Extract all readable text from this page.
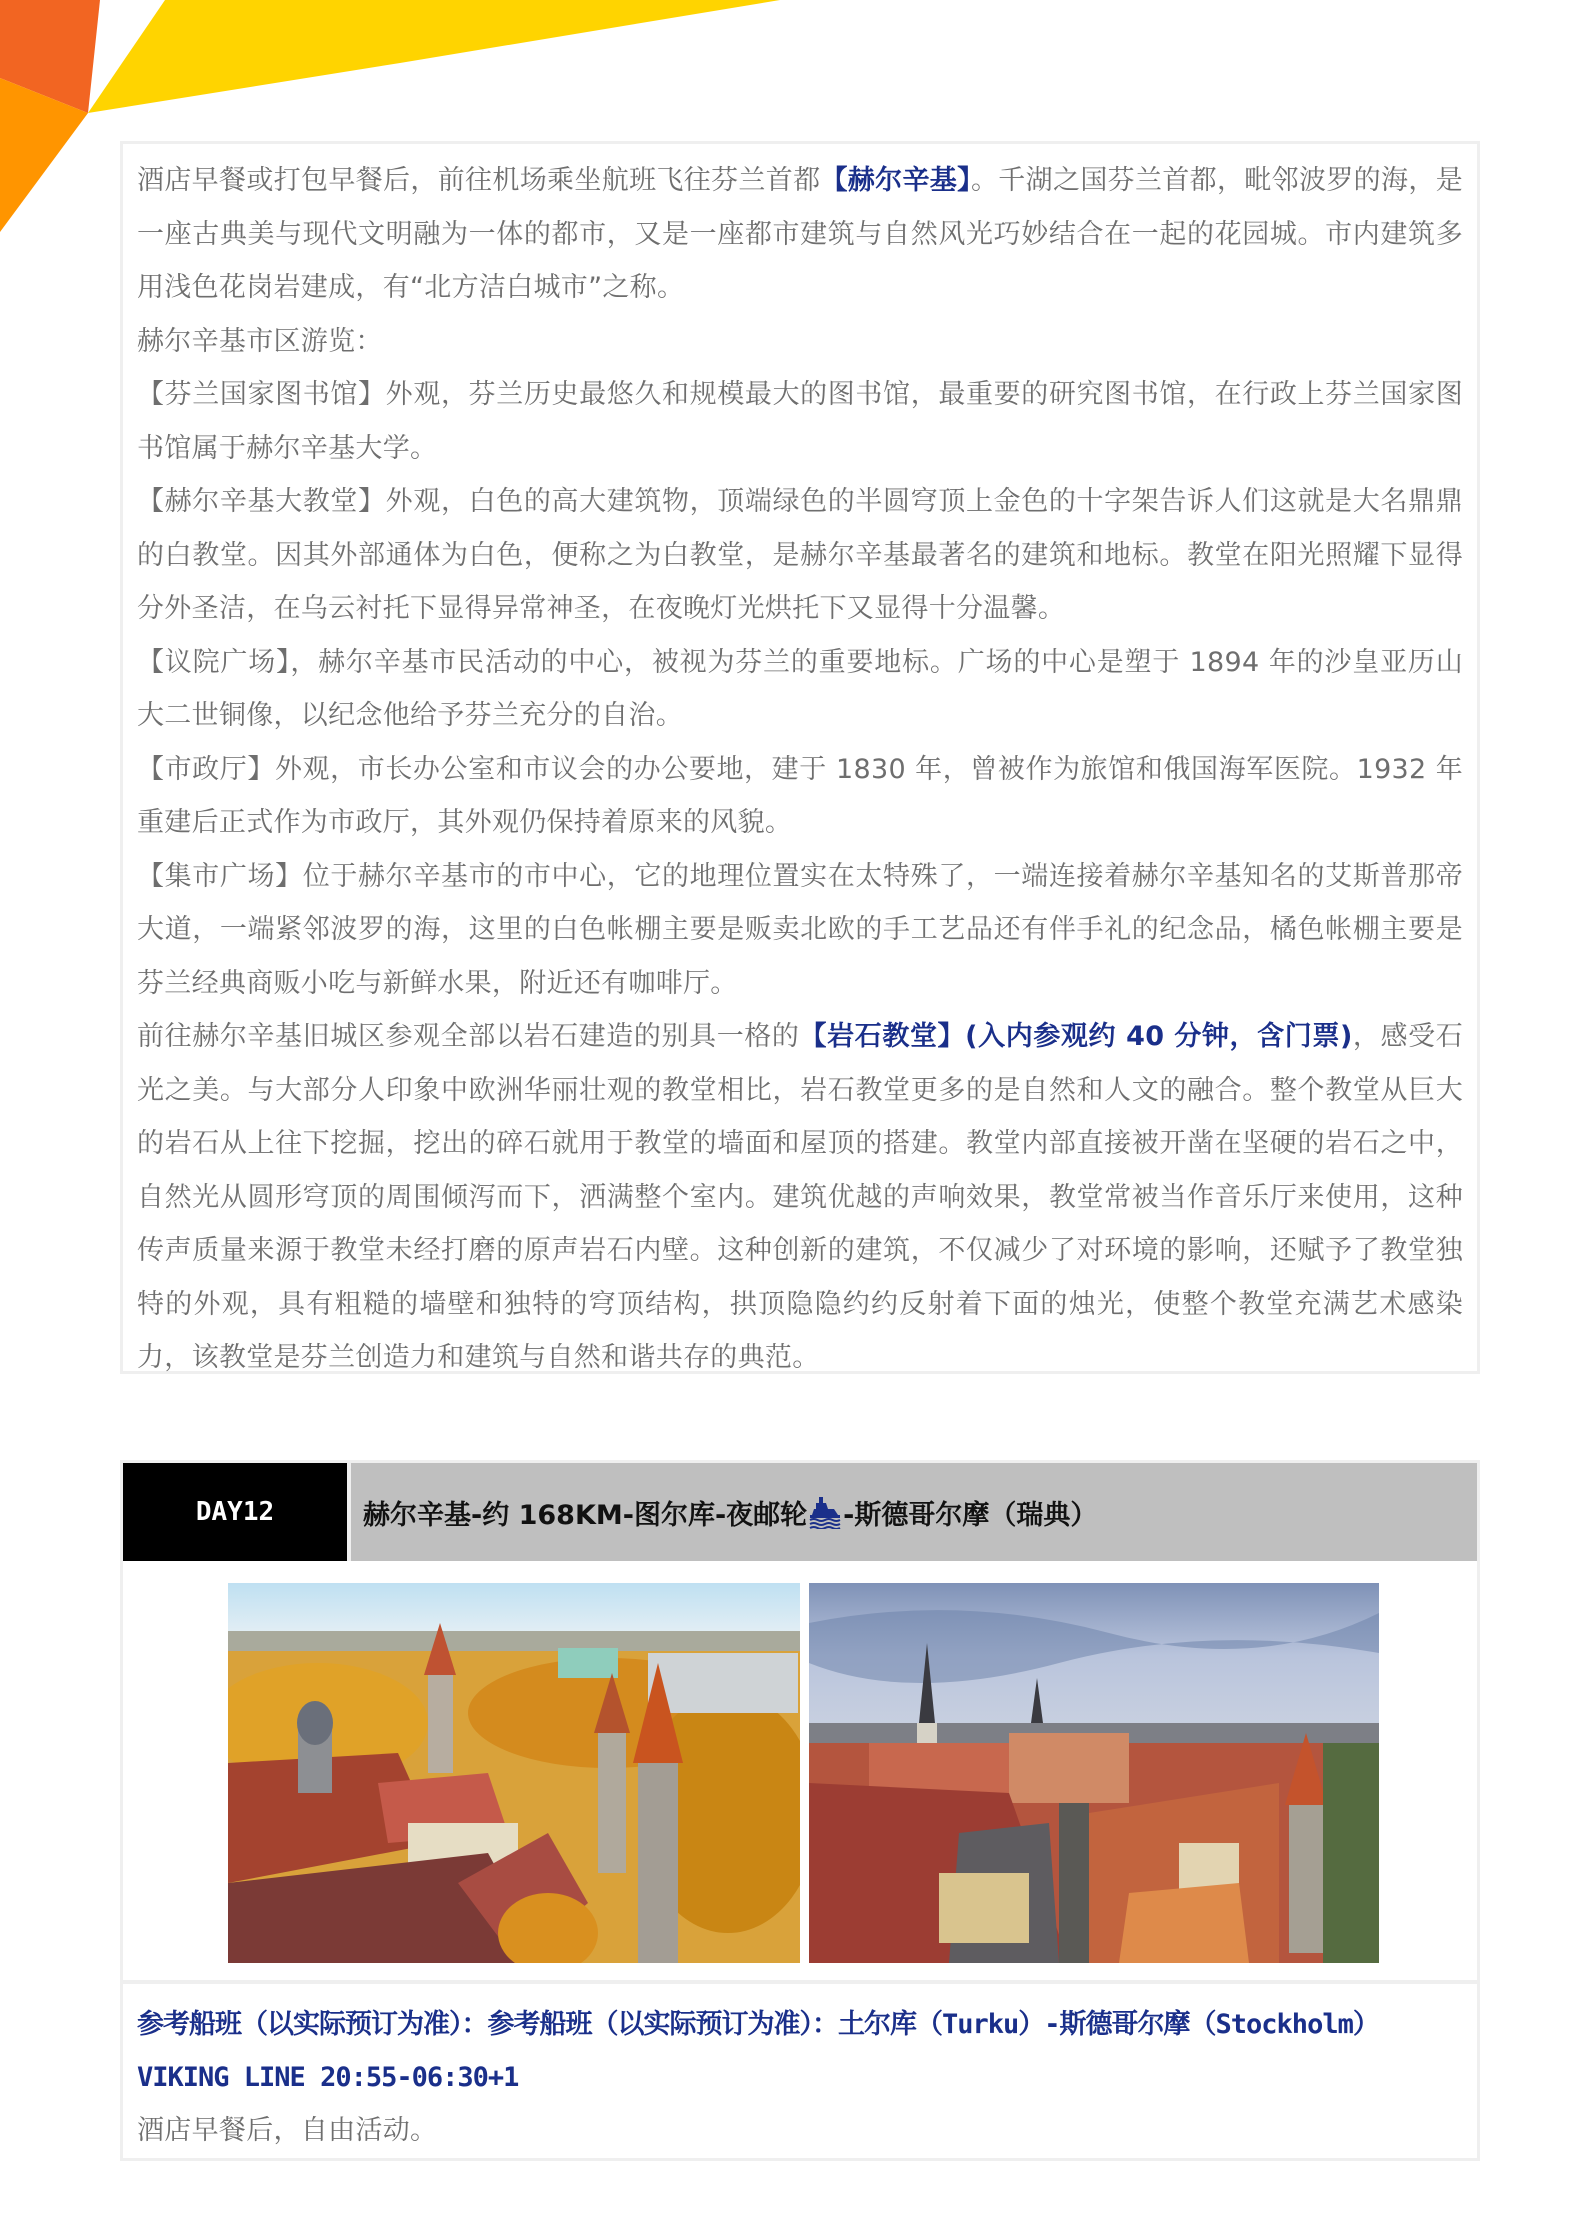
酒店早餐或打包早餐后，前往机场乘坐航班飞往芬兰首都【赫尔辛基】。千湖之国芬兰首都，毗邻波罗的海，是一座古典美与现代文明融为一体的都市，又是一座都市建筑与自然风光巧妙结合在一起的花园城。市内建筑多用浅色花岗岩建成，有“北方洁白城市”之称。

赫尔辛基市区游览：

【芬兰国家图书馆】外观，芬兰历史最悠久和规模最大的图书馆，最重要的研究图书馆，在行政上芬兰国家图书馆属于赫尔辛基大学。

【赫尔辛基大教堂】外观，白色的高大建筑物，顶端绿色的半圆穹顶上金色的十字架告诉人们这就是大名鼎鼎的白教堂。因其外部通体为白色，便称之为白教堂，是赫尔辛基最著名的建筑和地标。教堂在阳光照耀下显得分外圣洁，在乌云衬托下显得异常神圣，在夜晚灯光烘托下又显得十分温馨。

【议院广场】，赫尔辛基市民活动的中心，被视为芬兰的重要地标。广场的中心是塑于 1894 年的沙皇亚历山大二世铜像，以纪念他给予芬兰充分的自治。

【市政厅】外观，市长办公室和市议会的办公要地，建于 1830 年，曾被作为旅馆和俄国海军医院。1932 年重建后正式作为市政厅，其外观仍保持着原来的风貌。

【集市广场】位于赫尔辛基市的市中心，它的地理位置实在太特殊了，一端连接着赫尔辛基知名的艾斯普那帝大道，一端紧邻波罗的海，这里的白色帐棚主要是贩卖北欧的手工艺品还有伴手礼的纪念品，橘色帐棚主要是芬兰经典商贩小吃与新鲜水果，附近还有咖啡厅。

前往赫尔辛基旧城区参观全部以岩石建造的别具一格的【岩石教堂】(入内参观约 40 分钟，含门票)，感受石光之美。与大部分人印象中欧洲华丽壮观的教堂相比，岩石教堂更多的是自然和人文的融合。整个教堂从巨大的岩石从上往下挖掘，挖出的碎石就用于教堂的墙面和屋顶的搭建。教堂内部直接被开凿在坚硬的岩石之中，自然光从圆形穹顶的周围倾泻而下，洒满整个室内。建筑优越的声响效果，教堂常被当作音乐厅来使用，这种传声质量来源于教堂未经打磨的原声岩石内壁。这种创新的建筑，不仅减少了对环境的影响，还赋予了教堂独特的外观，具有粗糙的墙壁和独特的穹顶结构，拱顶隐隐约约反射着下面的烛光，使整个教堂充满艺术感染力，该教堂是芬兰创造力和建筑与自然和谐共存的典范。

DAY12	赫尔辛基-约 168KM-图尔库-夜邮轮 -斯德哥尔摩（瑞典）
参考船班（以实际预订为准）：参考船班（以实际预订为准）：土尔库（Turku）-斯德哥尔摩（Stockholm）
VIKING LINE 20:55-06:30+1

酒店早餐后，自由活动。
